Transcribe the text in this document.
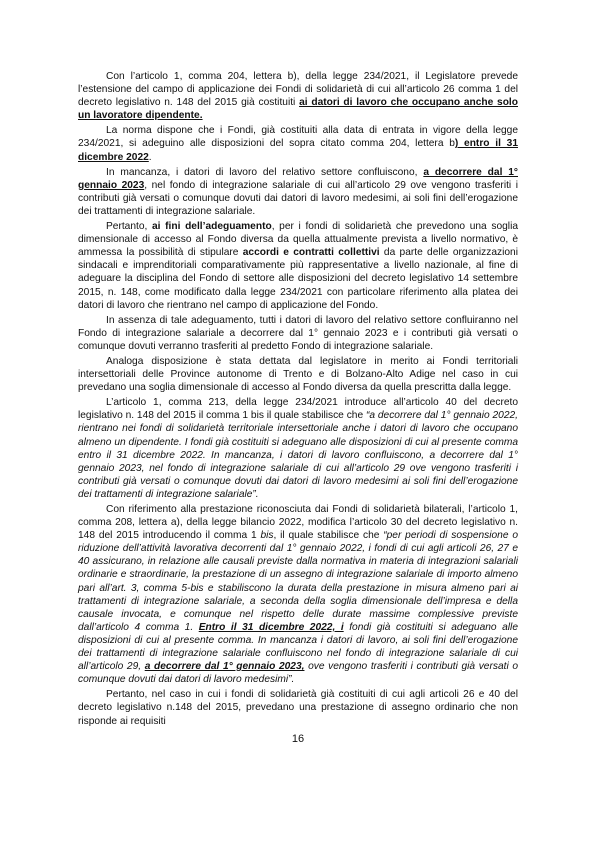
Con l’articolo 1, comma 204, lettera b), della legge 234/2021, il Legislatore prevede l’estensione del campo di applicazione dei Fondi di solidarietà di cui all’articolo 26 comma 1 del decreto legislativo n. 148 del 2015 già costituiti ai datori di lavoro che occupano anche solo un lavoratore dipendente.

La norma dispone che i Fondi, già costituiti alla data di entrata in vigore della legge 234/2021, si adeguino alle disposizioni del sopra citato comma 204, lettera b) entro il 31 dicembre 2022.

In mancanza, i datori di lavoro del relativo settore confluiscono, a decorrere dal 1° gennaio 2023, nel fondo di integrazione salariale di cui all’articolo 29 ove vengono trasferiti i contributi già versati o comunque dovuti dai datori di lavoro medesimi, ai soli fini dell’erogazione dei trattamenti di integrazione salariale.

Pertanto, ai fini dell’adeguamento, per i fondi di solidarietà che prevedono una soglia dimensionale di accesso al Fondo diversa da quella attualmente prevista a livello normativo, è ammessa la possibilità di stipulare accordi e contratti collettivi da parte delle organizzazioni sindacali e imprenditoriali comparativamente più rappresentative a livello nazionale, al fine di adeguare la disciplina del Fondo di settore alle disposizioni del decreto legislativo 14 settembre 2015, n. 148, come modificato dalla legge 234/2021 con particolare riferimento alla platea dei datori di lavoro che rientrano nel campo di applicazione del Fondo.

In assenza di tale adeguamento, tutti i datori di lavoro del relativo settore confluiranno nel Fondo di integrazione salariale a decorrere dal 1° gennaio 2023 e i contributi già versati o comunque dovuti verranno trasferiti al predetto Fondo di integrazione salariale.

Analoga disposizione è stata dettata dal legislatore in merito ai Fondi territoriali intersettoriali delle Province autonome di Trento e di Bolzano-Alto Adige nel caso in cui prevedano una soglia dimensionale di accesso al Fondo diversa da quella prescritta dalla legge.

L’articolo 1, comma 213, della legge 234/2021 introduce all’articolo 40 del decreto legislativo n. 148 del 2015 il comma 1 bis il quale stabilisce che “a decorrere dal 1° gennaio 2022, rientrano nei fondi di solidarietà territoriale intersettoriale anche i datori di lavoro che occupano almeno un dipendente. I fondi già costituiti si adeguano alle disposizioni di cui al presente comma entro il 31 dicembre 2022. In mancanza, i datori di lavoro confluiscono, a decorrere dal 1° gennaio 2023, nel fondo di integrazione salariale di cui all’articolo 29 ove vengono trasferiti i contributi già versati o comunque dovuti dai datori di lavoro medesimi ai soli fini dell’erogazione dei trattamenti di integrazione salariale”.

Con riferimento alla prestazione riconosciuta dai Fondi di solidarietà bilaterali, l’articolo 1, comma 208, lettera a), della legge bilancio 2022, modifica l’articolo 30 del decreto legislativo n. 148 del 2015 introducendo il comma 1 bis, il quale stabilisce che “per periodi di sospensione o riduzione dell’attività lavorativa decorrenti dal 1° gennaio 2022, i fondi di cui agli articoli 26, 27 e 40 assicurano, in relazione alle causali previste dalla normativa in materia di integrazioni salariali ordinarie e straordinarie, la prestazione di un assegno di integrazione salariale di importo almeno pari all’art. 3, comma 5-bis e stabiliscono la durata della prestazione in misura almeno pari ai trattamenti di integrazione salariale, a seconda della soglia dimensionale dell’impresa e della causale invocata, e comunque nel rispetto delle durate massime complessive previste dall’articolo 4 comma 1. Entro il 31 dicembre 2022, i fondi già costituiti si adeguano alle disposizioni di cui al presente comma. In mancanza i datori di lavoro, ai soli fini dell’erogazione dei trattamenti di integrazione salariale confluiscono nel fondo di integrazione salariale di cui all’articolo 29, a decorrere dal 1° gennaio 2023, ove vengono trasferiti i contributi già versati o comunque dovuti dai datori di lavoro medesimi”.

Pertanto, nel caso in cui i fondi di solidarietà già costituiti di cui agli articoli 26 e 40 del decreto legislativo n.148 del 2015, prevedano una prestazione di assegno ordinario che non risponde ai requisiti

16
